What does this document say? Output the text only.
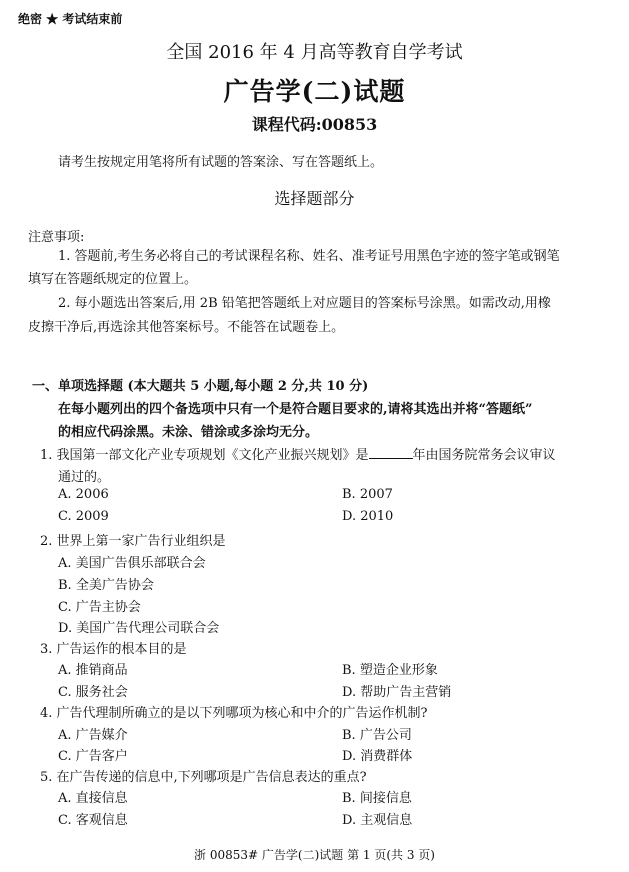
绝密 ★ 考试结束前
全国 2016 年 4 月高等教育自学考试
广告学(二)试题
课程代码:00853
请考生按规定用笔将所有试题的答案涂、写在答题纸上。
选择题部分
注意事项:
1. 答题前,考生务必将自己的考试课程名称、姓名、准考证号用黑色字迹的签字笔或钢笔
填写在答题纸规定的位置上。
2. 每小题选出答案后,用 2B 铅笔把答题纸上对应题目的答案标号涂黑。如需改动,用橡
皮擦干净后,再选涂其他答案标号。不能答在试题卷上。
一、单项选择题 (本大题共 5 小题,每小题 2 分,共 10 分)
在每小题列出的四个备选项中只有一个是符合题目要求的,请将其选出并将“答题纸”
的相应代码涂黑。未涂、错涂或多涂均无分。
1. 我国第一部文化产业专项规划《文化产业振兴规划》是	年由国务院常务会议审议
通过的。
A. 2006	B. 2007
C. 2009	D. 2010
2. 世界上第一家广告行业组织是
A. 美国广告俱乐部联合会
B. 全美广告协会
C. 广告主协会
D. 美国广告代理公司联合会
3. 广告运作的根本目的是
A. 推销商品	B. 塑造企业形象
C. 服务社会	D. 帮助广告主营销
4. 广告代理制所确立的是以下列哪项为核心和中介的广告运作机制?
A. 广告媒介	B. 广告公司
C. 广告客户	D. 消费群体
5. 在广告传递的信息中,下列哪项是广告信息表达的重点?
A. 直接信息	B. 间接信息
C. 客观信息	D. 主观信息
浙 00853# 广告学(二)试题 第 1 页(共 3 页)
